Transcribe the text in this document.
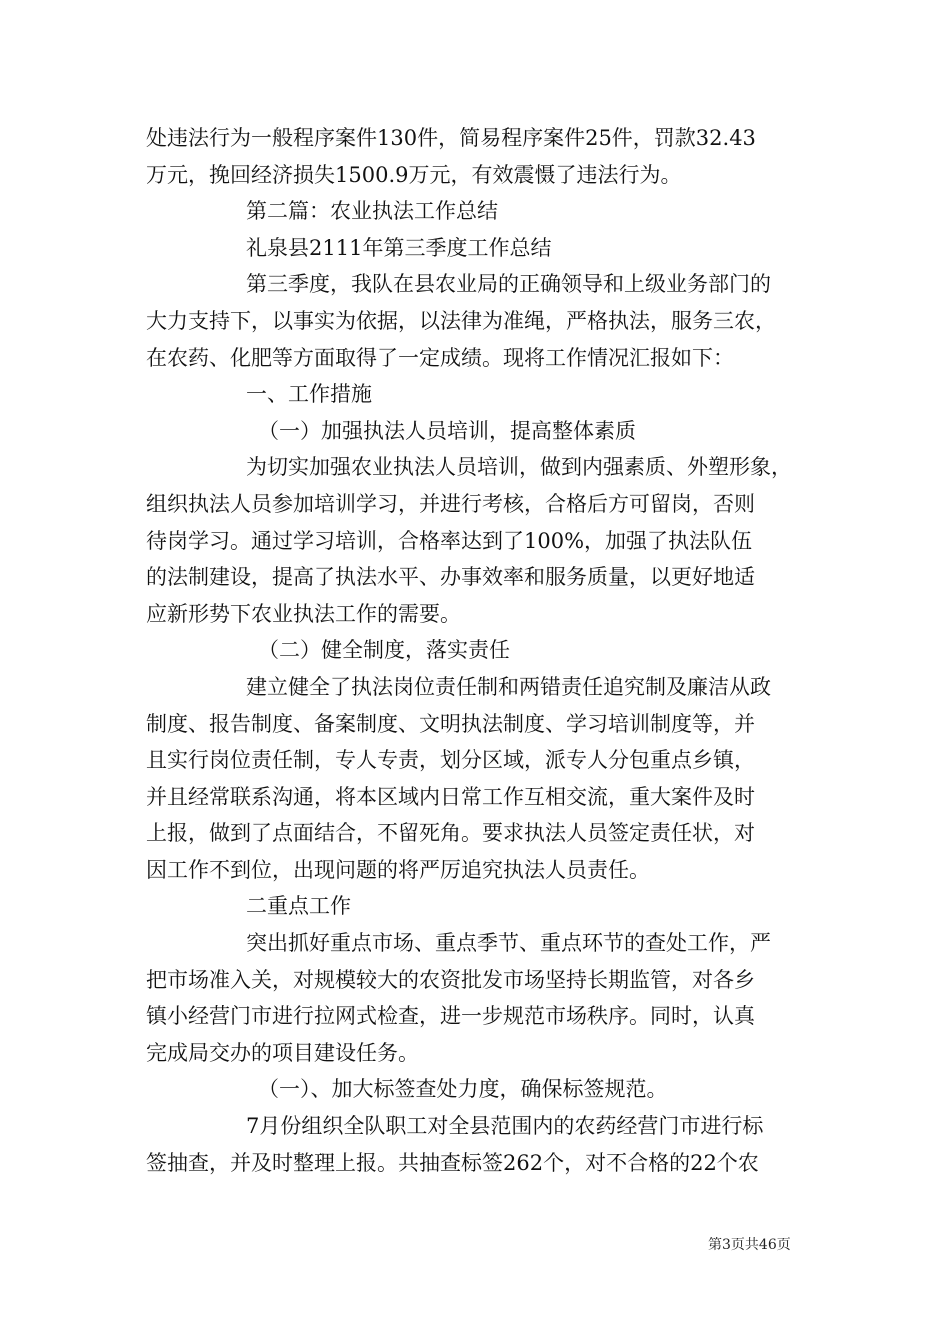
处违法行为一般程序案件130件，简易程序案件25件，罚款32.43
万元，挽回经济损失1500.9万元，有效震慑了违法行为。
第二篇：农业执法工作总结
礼泉县2111年第三季度工作总结
第三季度，我队在县农业局的正确领导和上级业务部门的
大力支持下，以事实为依据，以法律为准绳，严格执法，服务三农，
在农药、化肥等方面取得了一定成绩。现将工作情况汇报如下：
一、工作措施
（一）加强执法人员培训，提高整体素质
为切实加强农业执法人员培训，做到内强素质、外塑形象，
组织执法人员参加培训学习，并进行考核，合格后方可留岗，否则
待岗学习。通过学习培训，合格率达到了100%，加强了执法队伍
的法制建设，提高了执法水平、办事效率和服务质量，以更好地适
应新形势下农业执法工作的需要。
（二）健全制度，落实责任
建立健全了执法岗位责任制和两错责任追究制及廉洁从政
制度、报告制度、备案制度、文明执法制度、学习培训制度等，并
且实行岗位责任制，专人专责，划分区域，派专人分包重点乡镇，
并且经常联系沟通，将本区域内日常工作互相交流，重大案件及时
上报，做到了点面结合，不留死角。要求执法人员签定责任状，对
因工作不到位，出现问题的将严厉追究执法人员责任。
二重点工作
突出抓好重点市场、重点季节、重点环节的查处工作，严
把市场准入关，对规模较大的农资批发市场坚持长期监管，对各乡
镇小经营门市进行拉网式检查，进一步规范市场秩序。同时，认真
完成局交办的项目建设任务。
（一）、加大标签查处力度，确保标签规范。
7月份组织全队职工对全县范围内的农药经营门市进行标
签抽查，并及时整理上报。共抽查标签262个，对不合格的22个农
第3页共46页
